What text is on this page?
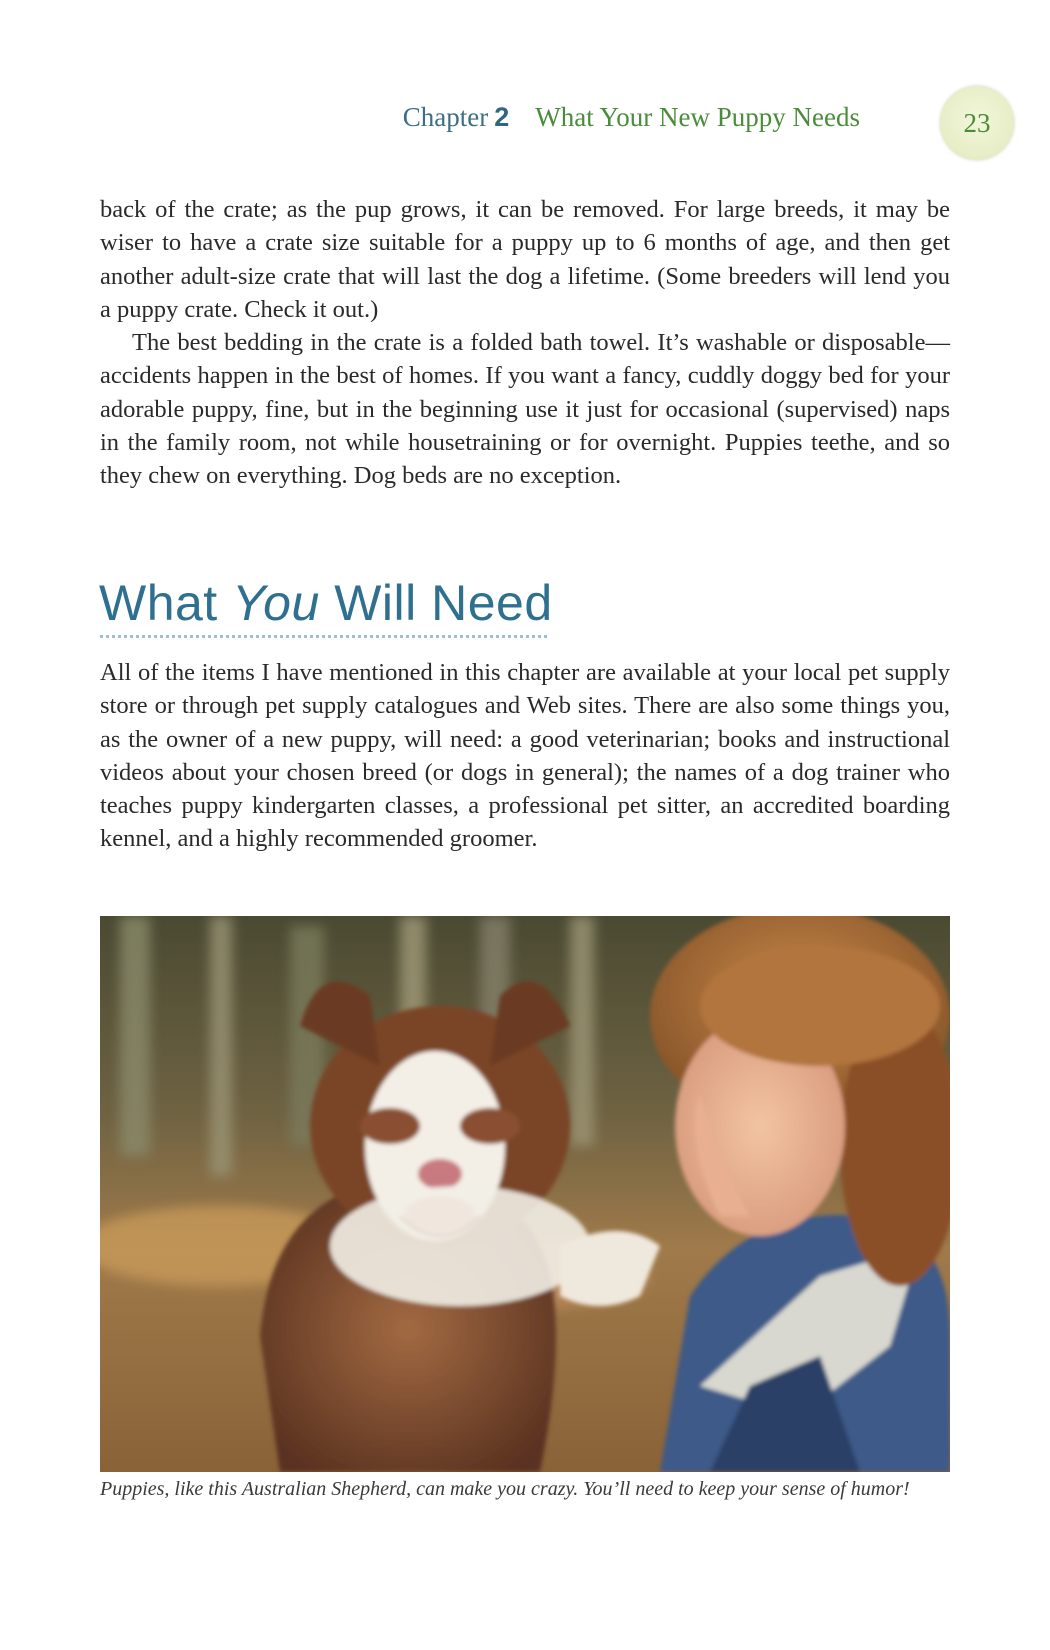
Chapter 2 What Your New Puppy Needs	23

back of the crate; as the pup grows, it can be removed. For large breeds, it may be wiser to have a crate size suitable for a puppy up to 6 months of age, and then get another adult-size crate that will last the dog a lifetime. (Some breeders will lend you a puppy crate. Check it out.)

The best bedding in the crate is a folded bath towel. It’s washable or disposable—accidents happen in the best of homes. If you want a fancy, cuddly doggy bed for your adorable puppy, fine, but in the beginning use it just for occasional (supervised) naps in the family room, not while housetraining or for overnight. Puppies teethe, and so they chew on everything. Dog beds are no exception.

What You Will Need

All of the items I have mentioned in this chapter are available at your local pet supply store or through pet supply catalogues and Web sites. There are also some things you, as the owner of a new puppy, will need: a good veterinarian; books and instructional videos about your chosen breed (or dogs in general); the names of a dog trainer who teaches puppy kindergarten classes, a professional pet sitter, an accredited boarding kennel, and a highly recommended groomer.

Puppies, like this Australian Shepherd, can make you crazy. You’ll need to keep your sense of humor!
